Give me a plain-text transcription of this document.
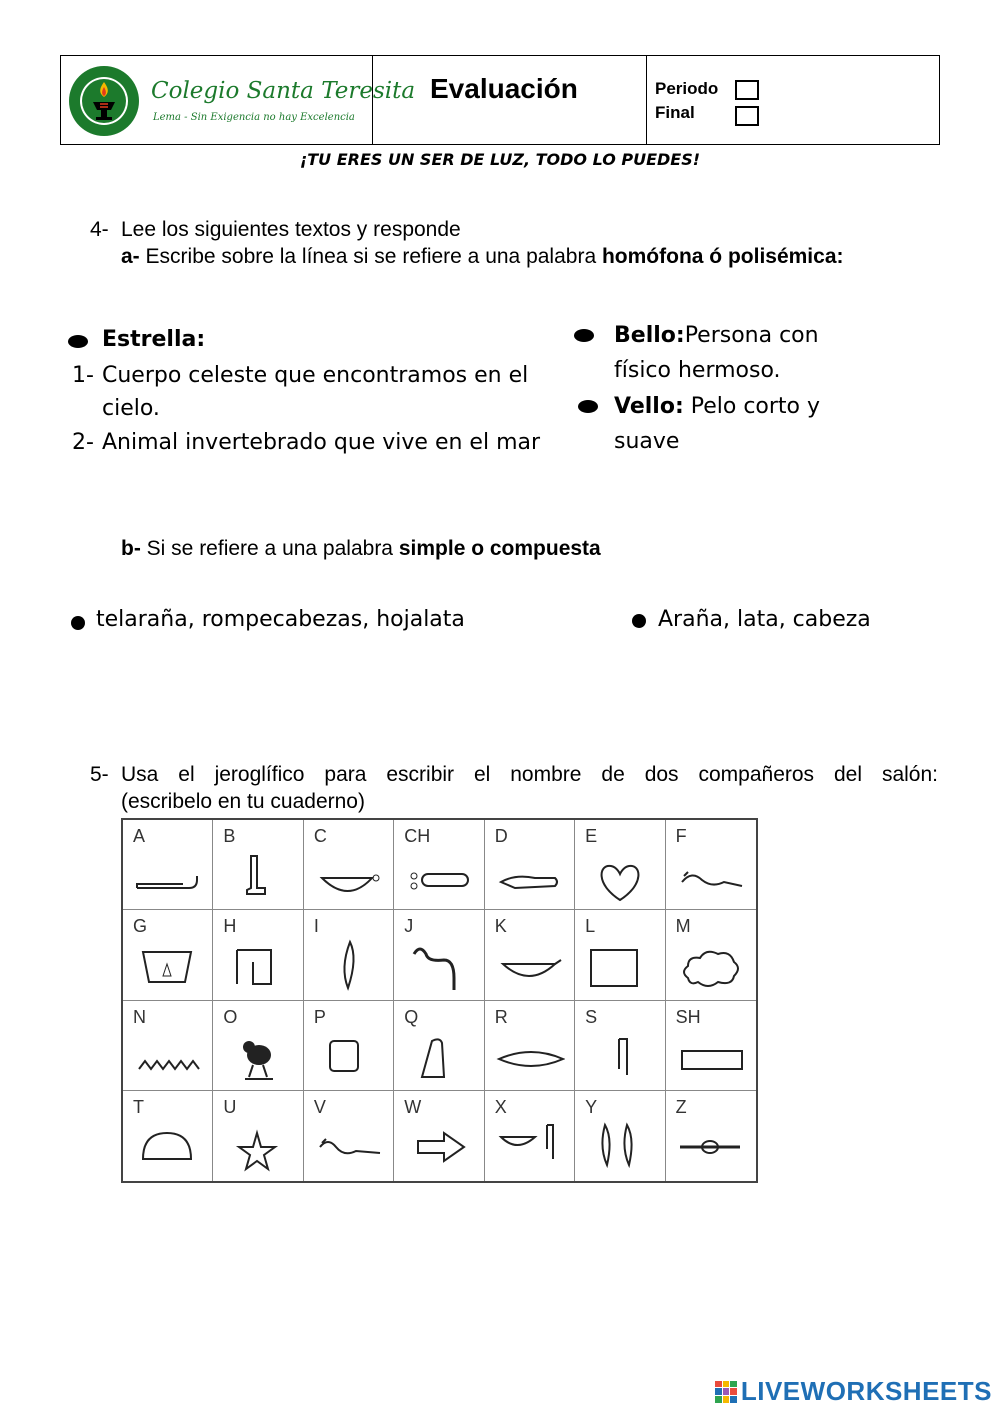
Colegio Santa Teresita
Lema - Sin Exigencia no hay Excelencia
Evaluación	Periodo
Final
¡TU ERES UN SER DE LUZ, TODO LO PUEDES!
4- Lee los siguientes textos y responde
a- Escribe sobre la línea si se refiere a una palabra homófona ó polisémica:
Estrella:
1- Cuerpo celeste que encontramos en el
cielo.
2- Animal invertebrado que vive en el mar
Bello:Persona con
físico hermoso.
Vello: Pelo corto y
suave
b- Si se refiere a una palabra simple o compuesta
telaraña, rompecabezas, hojalata	Araña, lata, cabeza
5- Usa el jeroglífico para escribir el nombre de dos compañeros del salón:
(escribelo en tu cuaderno)
A	B	C	CH	D	E	F
G	H	I	J	K	L	M
N	O	P	Q	R	S	SH
T	U	V	W	X	Y	Z
LIVEWORKSHEETS
